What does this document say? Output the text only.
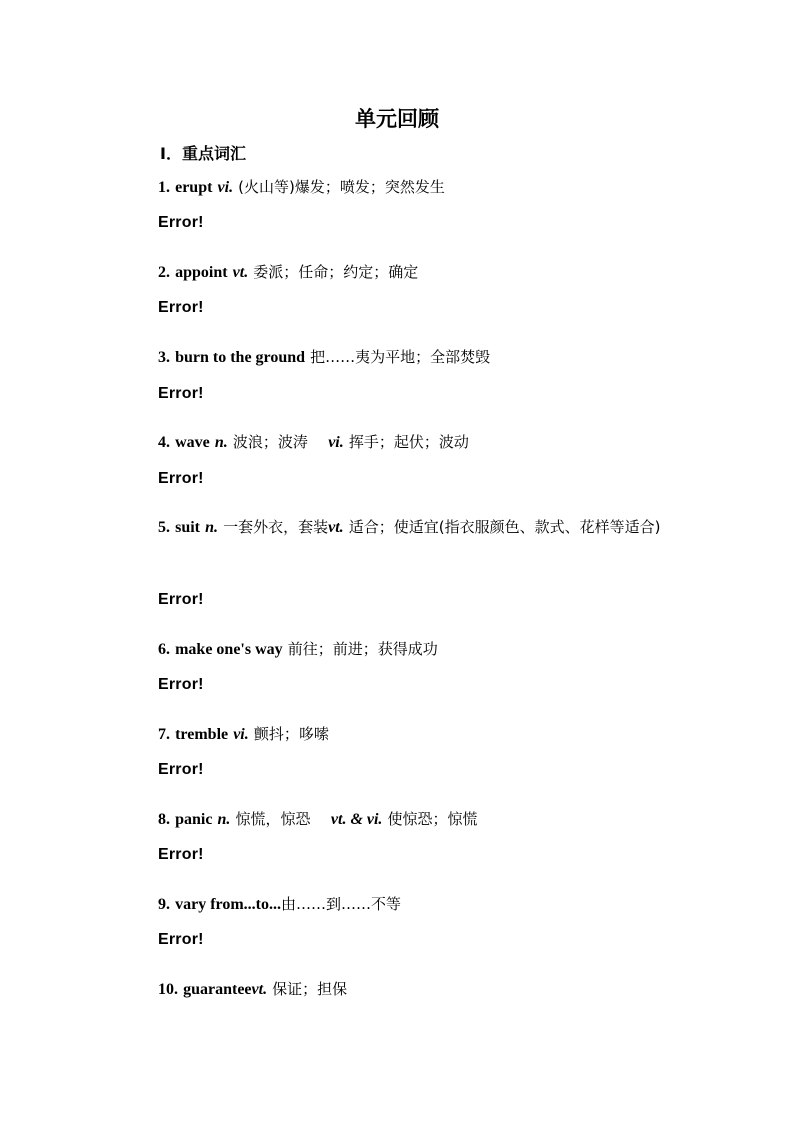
单元回顾
Ⅰ．重点词汇
1. erupt vi. (火山等)爆发；喷发；突然发生
Error!
2. appoint vt. 委派；任命；约定；确定
Error!
3. burn to the ground 把……夷为平地；全部焚毁
Error!
4. wave n. 波浪；波涛 vi. 挥手；起伏；波动
Error!
5. suit n. 一套外衣，套装vt. 适合；使适宜(指衣服颜色、款式、花样等适合)
Error!
6. make one's way 前往；前进；获得成功
Error!
7. tremble vi. 颤抖；哆嗦
Error!
8. panic n. 惊慌，惊恐 vt. & vi. 使惊恐；惊慌
Error!
9. vary from...to...由……到……不等
Error!
10. guaranteevt. 保证；担保
